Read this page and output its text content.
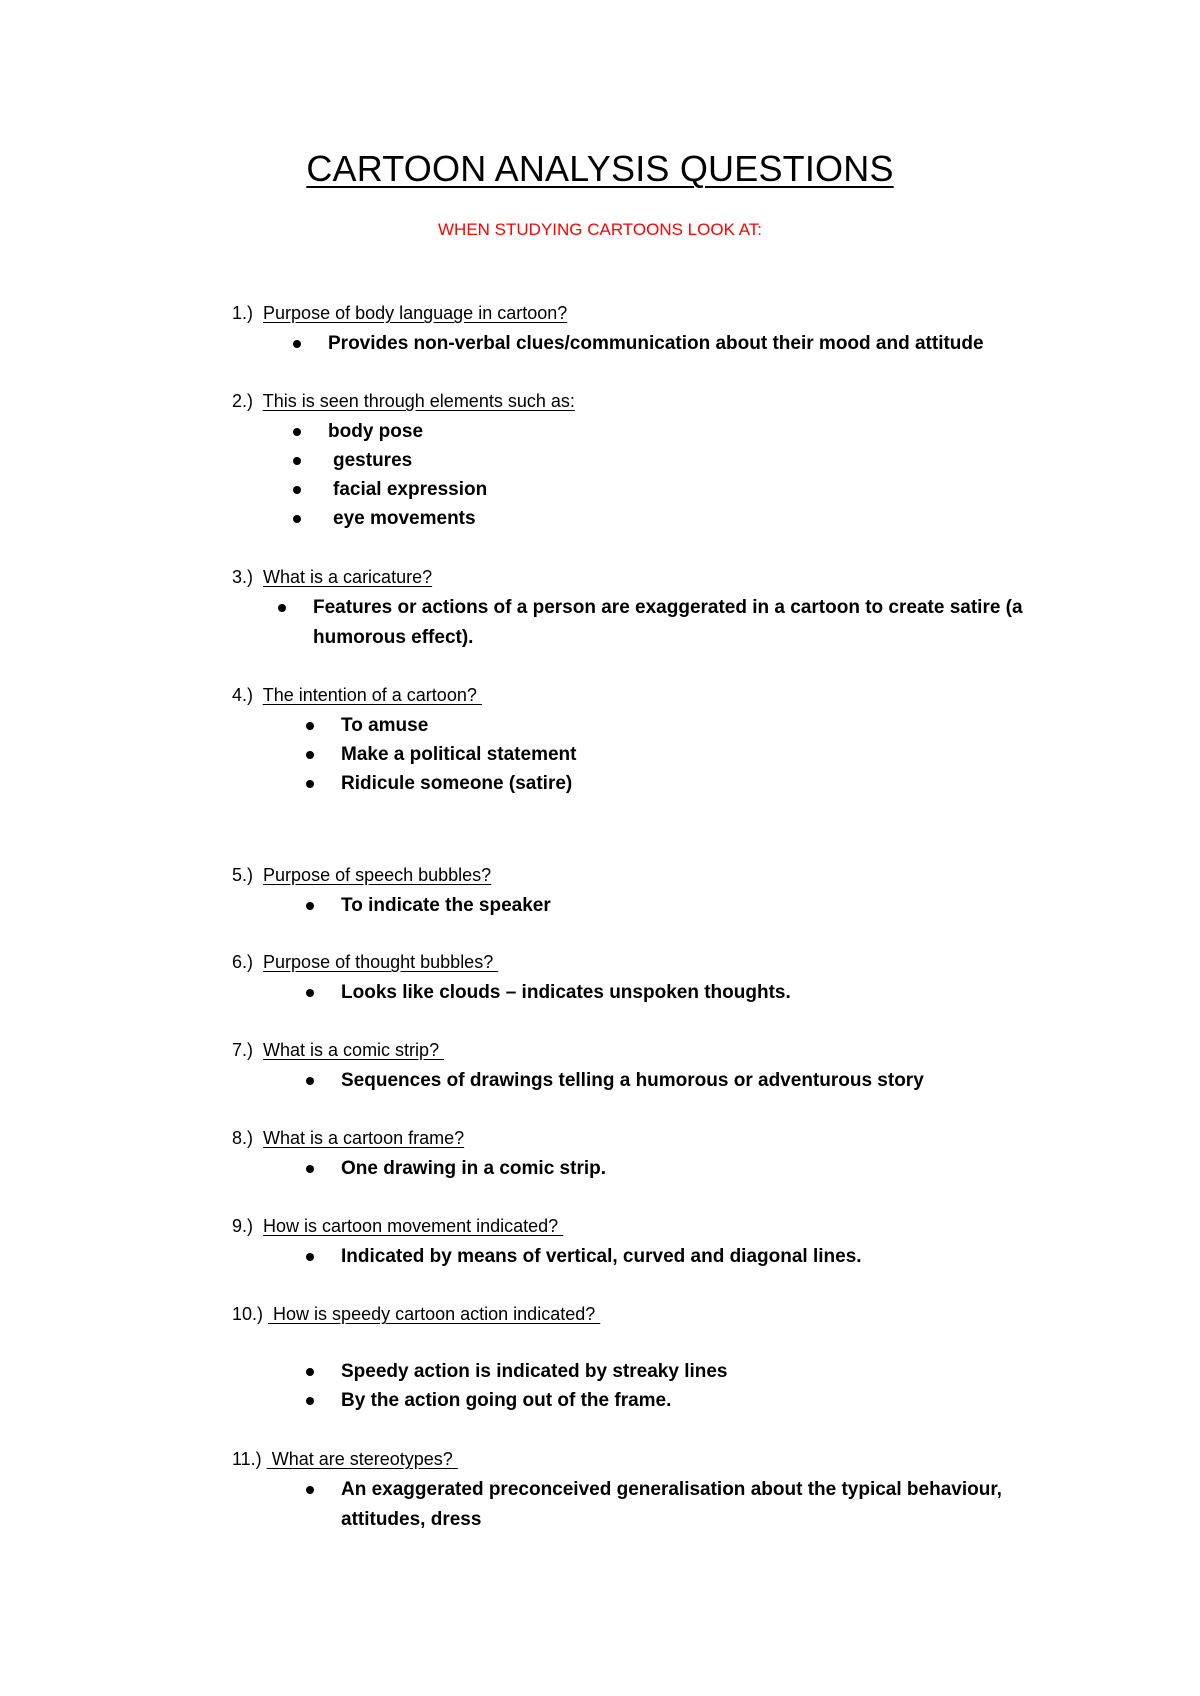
CARTOON ANALYSIS QUESTIONS
WHEN STUDYING CARTOONS LOOK AT:
1.) Purpose of body language in cartoon?
Provides non-verbal clues/communication about their mood and attitude
2.) This is seen through elements such as:
body pose
gestures
facial expression
eye movements
3.) What is a caricature?
Features or actions of a person are exaggerated in a cartoon to create satire (a humorous effect).
4.) The intention of a cartoon?
To amuse
Make a political statement
Ridicule someone (satire)
5.) Purpose of speech bubbles?
To indicate the speaker
6.) Purpose of thought bubbles?
Looks like clouds – indicates unspoken thoughts.
7.) What is a comic strip?
Sequences of drawings telling a humorous or adventurous story
8.) What is a cartoon frame?
One drawing in a comic strip.
9.) How is cartoon movement indicated?
Indicated by means of vertical, curved and diagonal lines.
10.)  How is speedy cartoon action indicated?
Speedy action is indicated by streaky lines
By the action going out of the frame.
11.)  What are stereotypes?
An exaggerated preconceived generalisation about the typical behaviour, attitudes, dress
